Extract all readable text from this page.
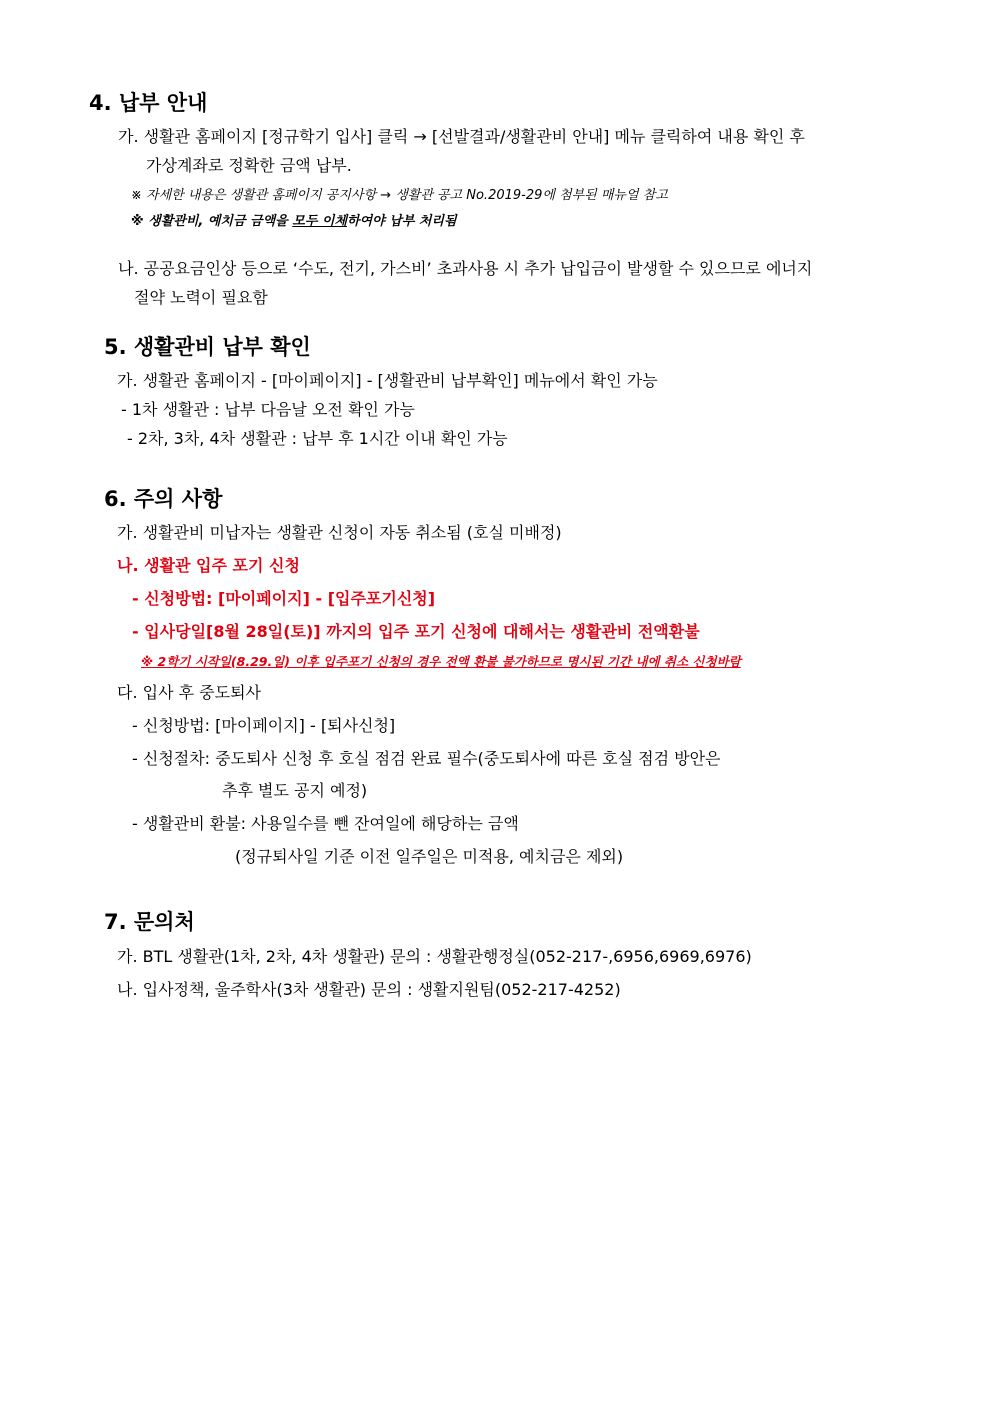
4. 납부 안내
가. 생활관 홈페이지 [정규학기 입사] 클릭 → [선발결과/생활관비 안내] 메뉴 클릭하여 내용 확인 후
가상계좌로 정확한 금액 납부.
※ 자세한 내용은 생활관 홈페이지 공지사항 → 생활관 공고 No.2019-29에 첨부된 매뉴얼 참고
※ 생활관비, 예치금 금액을 모두 이체하여야 납부 처리됨
나. 공공요금인상 등으로 ‘수도, 전기, 가스비’ 초과사용 시 추가 납입금이 발생할 수 있으므로 에너지
절약 노력이 필요함
5. 생활관비 납부 확인
가. 생활관 홈페이지 - [마이페이지] - [생활관비 납부확인] 메뉴에서 확인 가능
- 1차 생활관 : 납부 다음날 오전 확인 가능
- 2차, 3차, 4차 생활관 : 납부 후 1시간 이내 확인 가능
6. 주의 사항
가. 생활관비 미납자는 생활관 신청이 자동 취소됨 (호실 미배정)
나. 생활관 입주 포기 신청
- 신청방법: [마이페이지] - [입주포기신청]
- 입사당일[8월 28일(토)] 까지의 입주 포기 신청에 대해서는 생활관비 전액환불
※ 2학기 시작일(8.29.일) 이후 입주포기 신청의 경우 전액 환불 불가하므로 명시된 기간 내에 취소 신청바람
다. 입사 후 중도퇴사
- 신청방법: [마이페이지] - [퇴사신청]
- 신청절차: 중도퇴사 신청 후 호실 점검 완료 필수(중도퇴사에 따른 호실 점검 방안은
추후 별도 공지 예정)
- 생활관비 환불: 사용일수를 뺀 잔여일에 해당하는 금액
(정규퇴사일 기준 이전 일주일은 미적용, 예치금은 제외)
7. 문의처
가. BTL 생활관(1차, 2차, 4차 생활관) 문의 : 생활관행정실(052-217-,6956,6969,6976)
나. 입사정책, 울주학사(3차 생활관) 문의 : 생활지원팀(052-217-4252)
